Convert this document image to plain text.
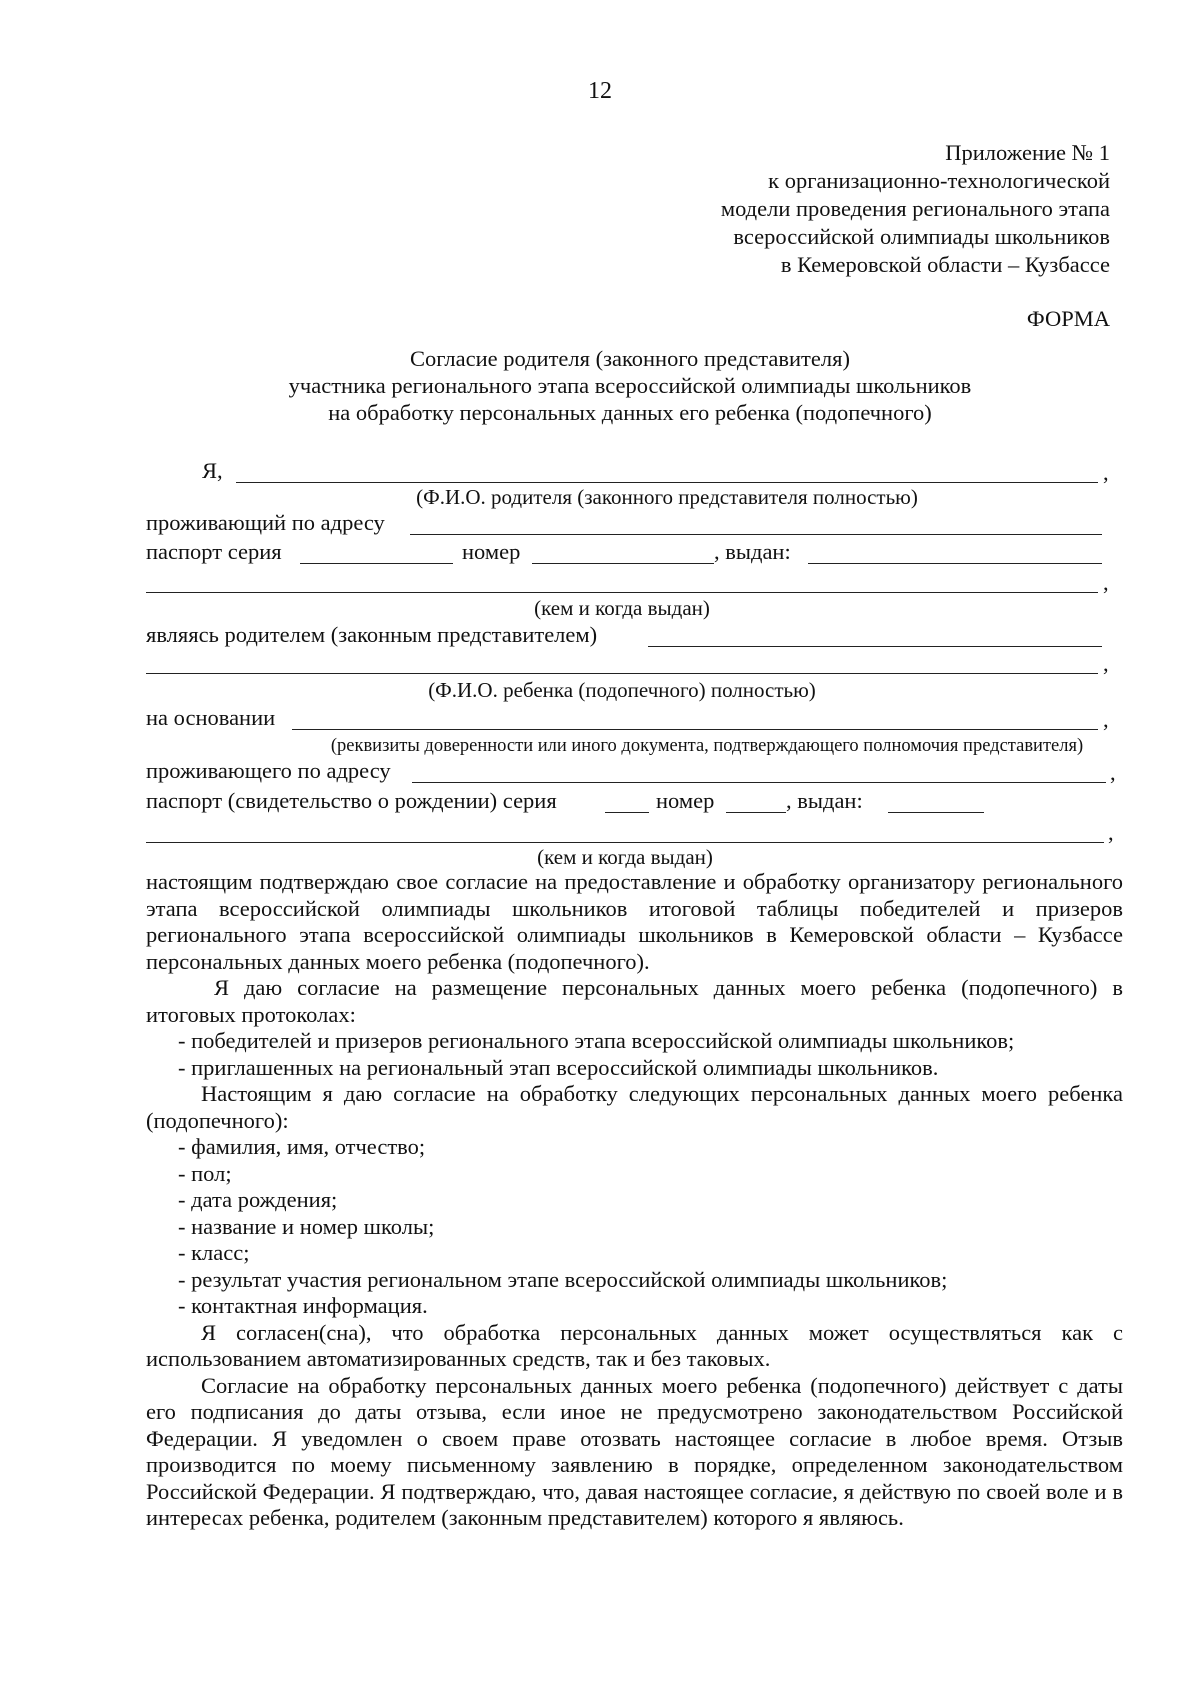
12
Приложение № 1
к организационно-технологической
модели проведения регионального этапа
всероссийской олимпиады школьников
в Кемеровской области – Кузбассе
ФОРМА
Согласие родителя (законного представителя)
участника регионального этапа всероссийской олимпиады школьников
на обработку персональных данных его ребенка (подопечного)
Я,	,
(Ф.И.О. родителя (законного представителя полностью)
проживающий по адресу
паспорт серия	номер	, выдан:
,
(кем и когда выдан)
являясь родителем (законным представителем)
,
(Ф.И.О. ребенка (подопечного) полностью)
на основании	,
(реквизиты доверенности или иного документа, подтверждающего полномочия представителя)
проживающего по адресу	,
паспорт (свидетельство о рождении) серия	номер	, выдан:
,
(кем и когда выдан)

настоящим подтверждаю свое согласие на предоставление и обработку организатору регионального этапа всероссийской олимпиады школьников итоговой таблицы победителей и призеров регионального этапа всероссийской олимпиады школьников в Кемеровской области – Кузбассе персональных данных моего ребенка (подопечного).

Я даю согласие на размещение персональных данных моего ребенка (подопечного) в итоговых протоколах:

- победителей и призеров регионального этапа всероссийской олимпиады школьников;

- приглашенных на региональный этап всероссийской олимпиады школьников.

Настоящим я даю согласие на обработку следующих персональных данных моего ребенка (подопечного):

- фамилия, имя, отчество;

- пол;

- дата рождения;

- название и номер школы;

- класс;

- результат участия региональном этапе всероссийской олимпиады школьников;

- контактная информация.

Я согласен(сна), что обработка персональных данных может осуществляться как с использованием автоматизированных средств, так и без таковых.

Согласие на обработку персональных данных моего ребенка (подопечного) действует с даты его подписания до даты отзыва, если иное не предусмотрено законодательством Российской Федерации. Я уведомлен о своем праве отозвать настоящее согласие в любое время. Отзыв производится по моему письменному заявлению в порядке, определенном законодательством Российской Федерации. Я подтверждаю, что, давая настоящее согласие, я действую по своей воле и в интересах ребенка, родителем (законным представителем) которого я являюсь.
